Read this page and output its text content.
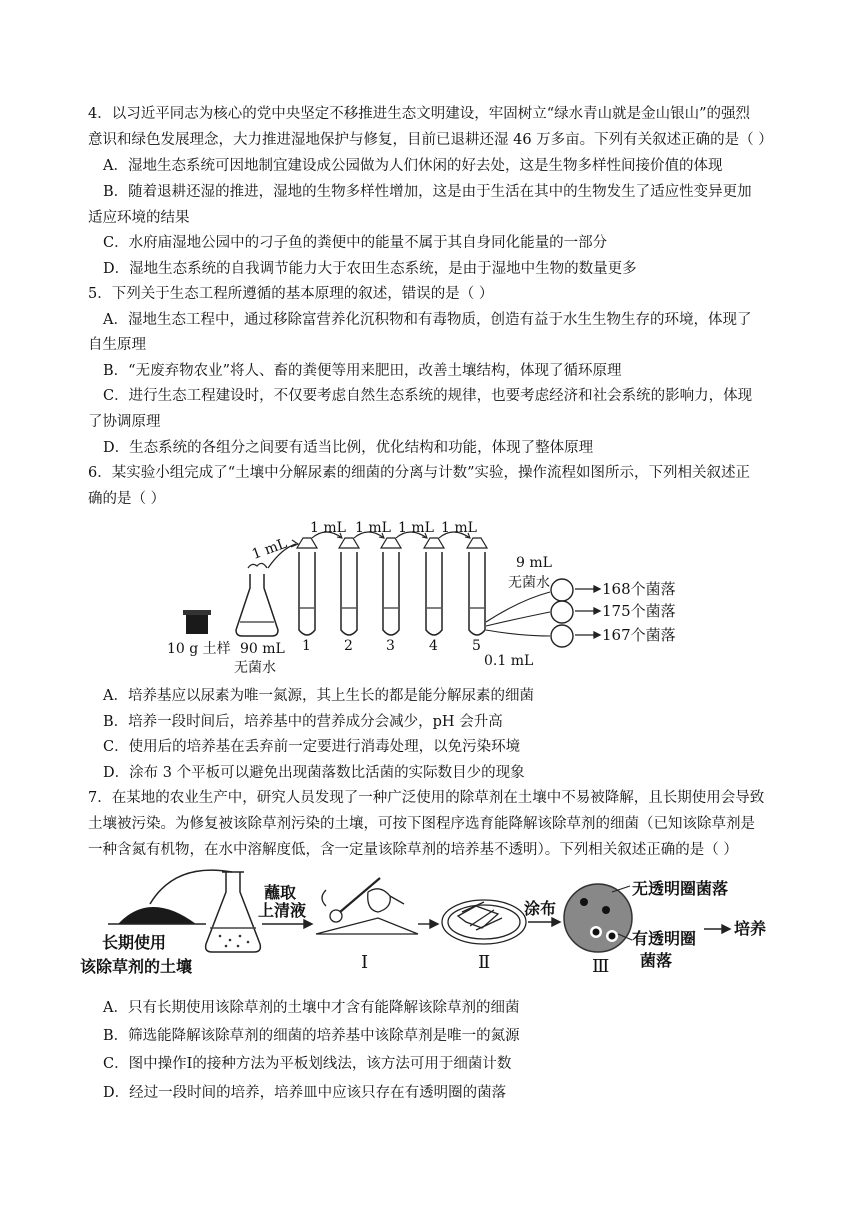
4．以习近平同志为核心的党中央坚定不移推进生态文明建设，牢固树立“绿水青山就是金山银山”的强烈
意识和绿色发展理念，大力推进湿地保护与修复，目前已退耕还湿 46 万多亩。下列有关叙述正确的是（ ）
A．湿地生态系统可因地制宜建设成公园做为人们休闲的好去处，这是生物多样性间接价值的体现
B．随着退耕还湿的推进，湿地的生物多样性增加，这是由于生活在其中的生物发生了适应性变异更加
适应环境的结果
C．水府庙湿地公园中的刁子鱼的粪便中的能量不属于其自身同化能量的一部分
D．湿地生态系统的自我调节能力大于农田生态系统，是由于湿地中生物的数量更多
5．下列关于生态工程所遵循的基本原理的叙述，错误的是（ ）
A．湿地生态工程中，通过移除富营养化沉积物和有毒物质，创造有益于水生生物生存的环境，体现了
自生原理
B．“无废弃物农业”将人、畜的粪便等用来肥田，改善土壤结构，体现了循环原理
C．进行生态工程建设时，不仅要考虑自然生态系统的规律，也要考虑经济和社会系统的影响力，体现
了协调原理
D．生态系统的各组分之间要有适当比例，优化结构和功能，体现了整体原理
6．某实验小组完成了“土壤中分解尿素的细菌的分离与计数”实验，操作流程如图所示，下列相关叙述正
确的是（ ）
1 mL
1 mL 1 mL 1 mL 1 mL
168个菌落
175个菌落
167个菌落
9 mL
无菌水
10 g 土样 90 mL
无菌水
1 2 3 4 5
0.1 mL
A．培养基应以尿素为唯一氮源，其上生长的都是能分解尿素的细菌
B．培养一段时间后，培养基中的营养成分会减少，pH 会升高
C．使用后的培养基在丢弃前一定要进行消毒处理，以免污染环境
D．涂布 3 个平板可以避免出现菌落数比活菌的实际数目少的现象
7．在某地的农业生产中，研究人员发现了一种广泛使用的除草剂在土壤中不易被降解，且长期使用会导致
土壤被污染。为修复被该除草剂污染的土壤，可按下图程序选育能降解该除草剂的细菌（已知该除草剂是
一种含氮有机物，在水中溶解度低，含一定量该除草剂的培养基不透明）。下列相关叙述正确的是（ ）
长期使用
该除草剂的土壤
蘸取
上清液
Ⅰ	Ⅱ
涂布
Ⅲ
无透明圈菌落
有透明圈
菌落
培养
A．只有长期使用该除草剂的土壤中才含有能降解该除草剂的细菌
B．筛选能降解该除草剂的细菌的培养基中该除草剂是唯一的氮源
C．图中操作Ⅰ的接种方法为平板划线法，该方法可用于细菌计数
D．经过一段时间的培养，培养皿中应该只存在有透明圈的菌落
